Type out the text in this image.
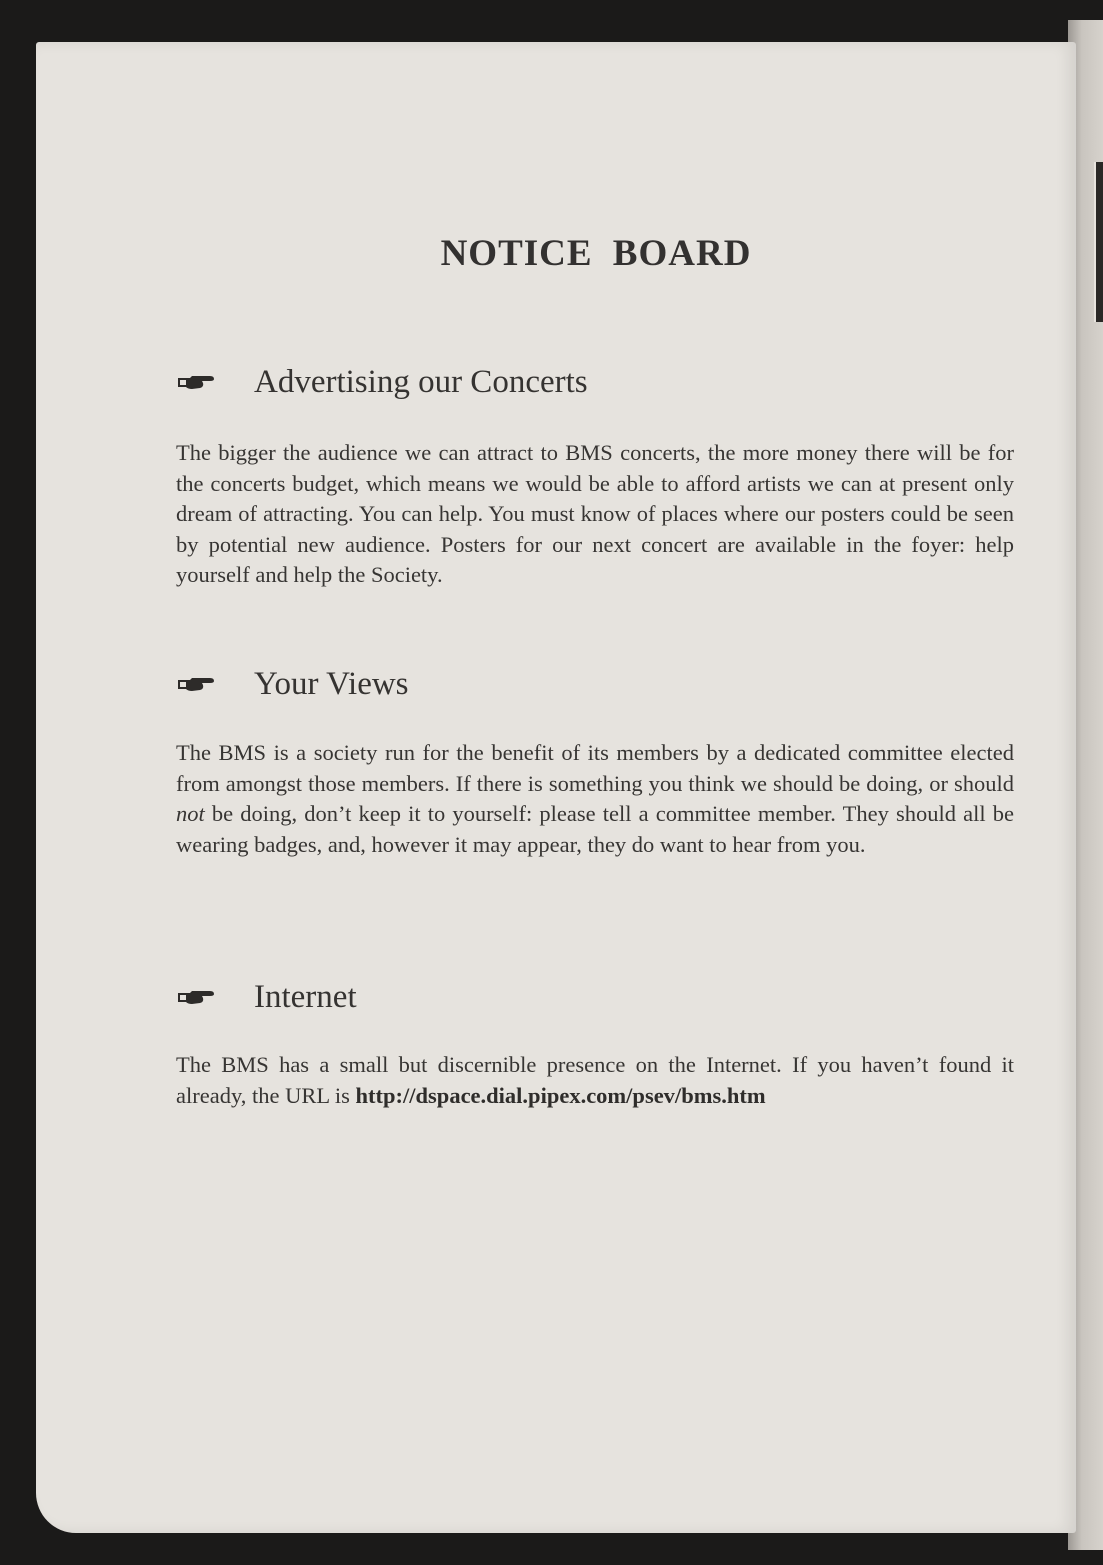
NOTICE BOARD
Advertising our Concerts
The bigger the audience we can attract to BMS concerts, the more money there will be for the concerts budget, which means we would be able to afford artists we can at present only dream of attracting. You can help. You must know of places where our posters could be seen by potential new audience. Posters for our next concert are available in the foyer: help yourself and help the Society.
Your Views
The BMS is a society run for the benefit of its members by a dedicated committee elected from amongst those members. If there is something you think we should be doing, or should not be doing, don’t keep it to yourself: please tell a committee member. They should all be wearing badges, and, however it may appear, they do want to hear from you.
Internet
The BMS has a small but discernible presence on the Internet. If you haven’t found it already, the URL is http://dspace.dial.pipex.com/psev/bms.htm
